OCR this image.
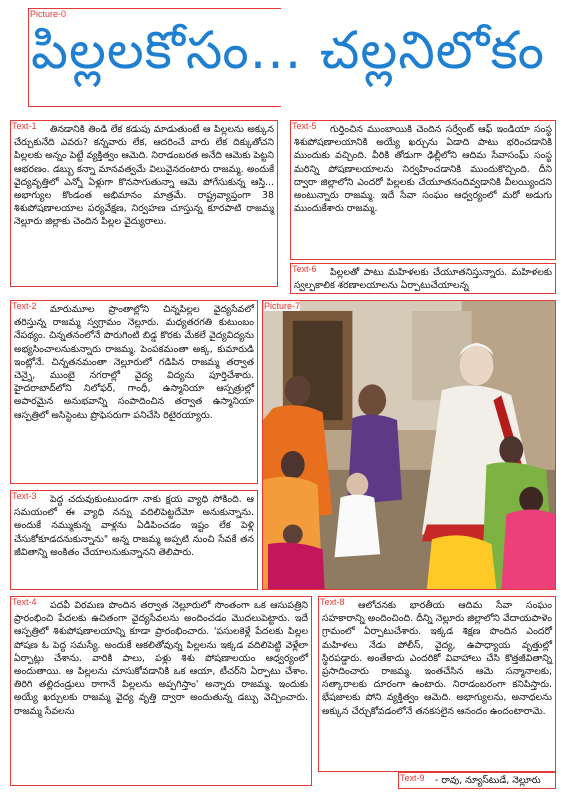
Picture-0
పిల్లలకోసం... చల్లనిలోకం
Text-1	తినడానికి తిండి లేక కడుపు మాడుతుంటే ఆ పిల్లలను అక్కున చేర్చుకునేది ఎవరు? కన్నవారు లేక, ఆదరించే వారు లేక దిక్కుతోచని పిల్లలకు అన్నం పెట్టే వ్యక్తిత్వం ఆమెది. నిరాడంబరత అనేది ఆమెకు పెట్టని ఆభరణం. డబ్బు కన్నా మానవత్వమే విలువైనదంటారు రాజమ్మ. అందుకే వైద్యవృత్తిలో ఎన్నో ఏళ్లుగా కొనసాగుతున్నా ఆమె పోగేసుకున్న ఆస్తి... అభాగ్యుల కొండంత అభిమానం మాత్రమే. రాష్ట్రవ్యాప్తంగా 38 శిశుపోషణాలయాల పర్యవేక్షణ, నిర్వహణ చూస్తున్న కూరపాటి రాజమ్మ నెల్లూరు జిల్లాకు చెందిన పిల్లల వైద్యురాలు.
Text-2	మారుమూల ప్రాంతాల్లోని చిన్నపిల్లల వైద్యసేవలో తరిస్తున్న రాజమ్మ స్వగ్రామం నెల్లూరు. మధ్యతరగతి కుటుంబం నేపథ్యం. చిన్నతనంలోనే పొరుగింటి బిడ్డ కొరకు మేకలే వైద్యవిద్యను అభ్యసించాలనుకున్నారు రాజమ్మ. పెంపకమంతా అక్క, కుమారుడి ఇంట్లోనే. చిన్నతనమంతా నెల్లూరులో గడిపిన రాజమ్మ తర్వాత చెన్నై, ముంబై నగరాల్లో వైద్య విద్యను పూర్తిచేశారు. హైదరాబాద్‌లోని నిలోఫర్, గాంధీ, ఉస్మానియా ఆస్పత్రుల్లో అపారమైన అనుభవాన్ని సంపాదించిన తర్వాత ఉస్మానియా ఆస్పత్రిలో అసిస్టెంటు ప్రొఫెసరుగా పనిచేసి రిటైరయ్యారు.
Text-3	పెద్ద చదువుకుంటుండగా నాకు క్షయ వ్యాధి సోకింది. ఆ సమయంలో ఈ వ్యాధి నన్ను వదిలిపెట్టదేమో అనుకున్నాను. అందుకే నమ్ముకున్న వాళ్లను ఏడిపించడం ఇష్టం లేక పెళ్లి చేసుకోకూడదనుకున్నాను" అన్న రాజమ్మ అప్పటి నుంచి సేవకే తన జీవితాన్ని అంకితం చేయాలనుకున్నానని తెలిపారు.
Text-4	పదవీ విరమణ పొందిన తర్వాత నెల్లూరులో సొంతంగా ఒక ఆసుపత్రిని ప్రారంభించి పేదలకు ఉచితంగా వైద్యసేవలను అందించడం మొదలుపెట్టారు. ఇదే ఆస్పత్రిలో శిశుపోషణాలయాన్ని కూడా ప్రారంభించారు. 'పసులకెళ్లే పేదలకు పిల్లల పోషణ ఓ పెద్ద సమస్యే. అందుకే ఆకలితోవున్న పిల్లలను ఇక్కడ వదిలిపెట్టి వెళ్లేలా ఏర్పాట్లు చేశాను. వారికి పాలు, పళ్లు శిశు పోషణాలయం ఆధ్వర్యంలో అందుతాయి. ఆ పిల్లలను చూసుకోవడానికి ఒక ఆయా, టీచర్‌ని ఏర్పాటు చేశాం. తిరిగి తల్లిదండ్రులు రాగానే పిల్లలను అప్పగిస్తాం' అన్నారు రాజమ్మ. ఇందుకు అయ్యే ఖర్చులకు రాజమ్మ వైద్య వృత్తి ద్వారా అందుతున్న డబ్బు వెచ్చించారు. రాజమ్మ సేవలను
Text-5	గుర్తించిన ముంబాయికి చెందిన సర్వేంట్ ఆఫ్ ఇండియా సంస్థ శిశుపోషణాలయానికి అయ్యే ఖర్చును ఏడాది పాటు భరించడానికి ముందుకు వచ్చింది. వీరికి తోడుగా ఢిల్లీలోని ఆదిమ సేవాసంఘ్ సంస్థ మరిన్ని పోషణాలయాలను నిర్వహించడానికి ముందుకొచ్చింది. దీని ద్వారా జిల్లాలోని ఎందరో పిల్లలకు చేయూతనందివ్వడానికి వీలయ్యిందని అంటున్నారు రాజమ్మ. ఇదే సేవా సంఘం ఆధ్వర్యంలో మరో అడుగు ముందుకేశారు రాజమ్మ.
Text-6	పిల్లలతో పాటు మహిళలకు చేయూతనిస్తున్నారు. మహిళలకు స్వల్పకాలిక శరణాలయాలను ఏర్పాటుచేయాలన్న
Picture-7
Text-8	ఆలోచనకు భారతీయ ఆదిమ సేవా సంఘం సహకారాన్ని అందించింది. దీన్ని నెల్లూరు జిల్లాలోని వేదాయపాళెం గ్రామంలో ఏర్పాటుచేశారు. ఇక్కడ శిక్షణ పొందిన ఎందరో మహిళలు నేడు పోలీస్, వైద్య, ఉపాధ్యాయ వృత్తుల్లో స్థిరపడ్డారు. అంతేకాదు ఎందరికో వివాహాలు చేసి కొత్తజీవితాన్ని ప్రసాదించారు రాజమ్మ. ఇంతచేసిన ఆమె సన్మానాలకు, సత్కారాలకు దూరంగా ఉంటారు. నిరాడంబరంగా కనిపిస్తారు. భేషజాలకు పోని వ్యక్తిత్వం ఆమెది. అభాగ్యులను, అనాధలను అక్కున చేర్చుకోవడంలోనే తనకసలైన ఆనందం ఉందంటారామె.
Text-9	- రావు, న్యూస్‌టుడే, నెల్లూరు
